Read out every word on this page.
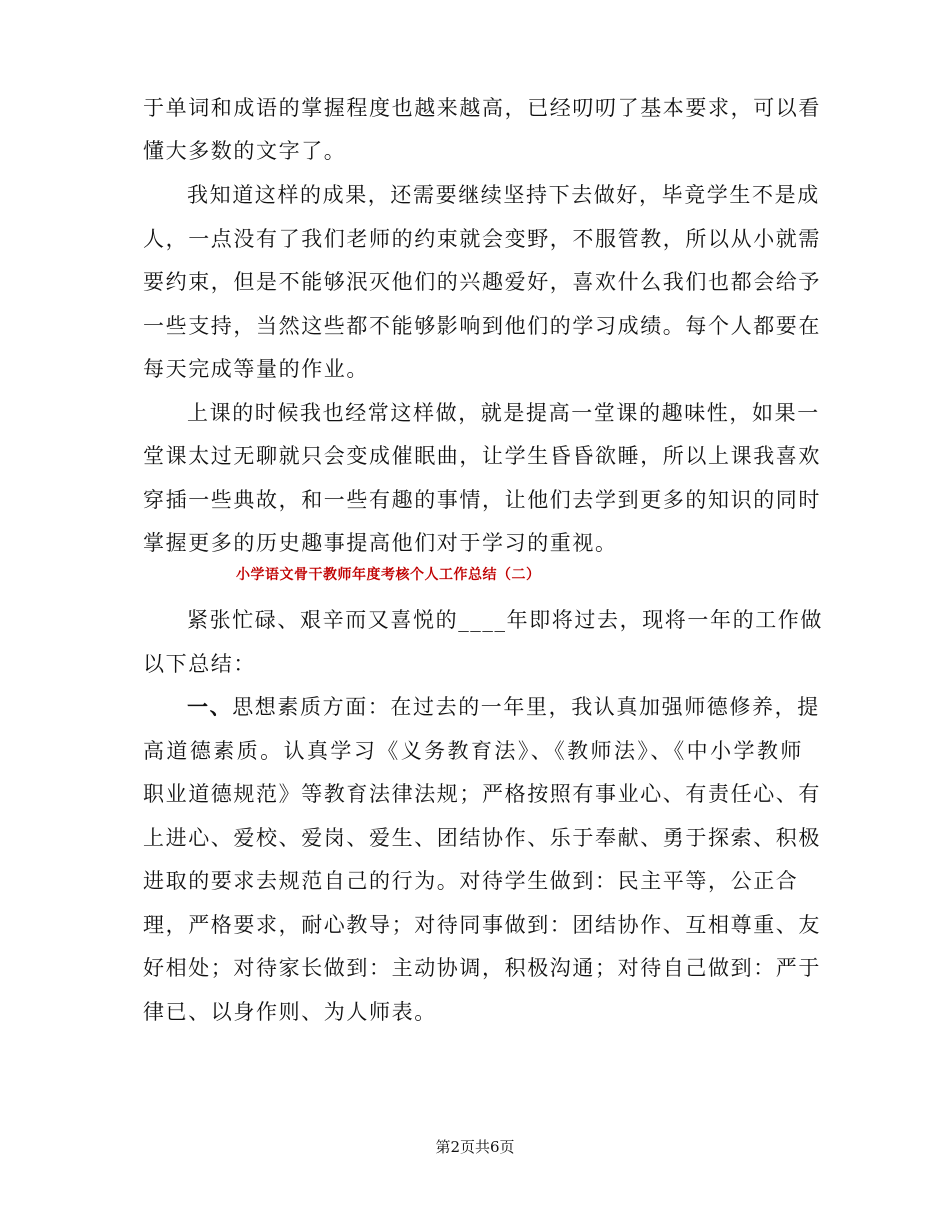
于单词和成语的掌握程度也越来越高，已经叨叨了基本要求，可以看
懂大多数的文字了。
我知道这样的成果，还需要继续坚持下去做好，毕竟学生不是成
人，一点没有了我们老师的约束就会变野，不服管教，所以从小就需
要约束，但是不能够泯灭他们的兴趣爱好，喜欢什么我们也都会给予
一些支持，当然这些都不能够影响到他们的学习成绩。每个人都要在
每天完成等量的作业。
上课的时候我也经常这样做，就是提高一堂课的趣味性，如果一
堂课太过无聊就只会变成催眠曲，让学生昏昏欲睡，所以上课我喜欢
穿插一些典故，和一些有趣的事情，让他们去学到更多的知识的同时
掌握更多的历史趣事提高他们对于学习的重视。
小学语文骨干教师年度考核个人工作总结（二）
紧张忙碌、艰辛而又喜悦的____年即将过去，现将一年的工作做
以下总结：
一、思想素质方面：在过去的一年里，我认真加强师德修养，提
高道德素质。认真学习《义务教育法》、《教师法》、《中小学教师
职业道德规范》等教育法律法规；严格按照有事业心、有责任心、有
上进心、爱校、爱岗、爱生、团结协作、乐于奉献、勇于探索、积极
进取的要求去规范自己的行为。对待学生做到：民主平等，公正合
理，严格要求，耐心教导；对待同事做到：团结协作、互相尊重、友
好相处；对待家长做到：主动协调，积极沟通；对待自己做到：严于
律已、以身作则、为人师表。
第2页共6页
